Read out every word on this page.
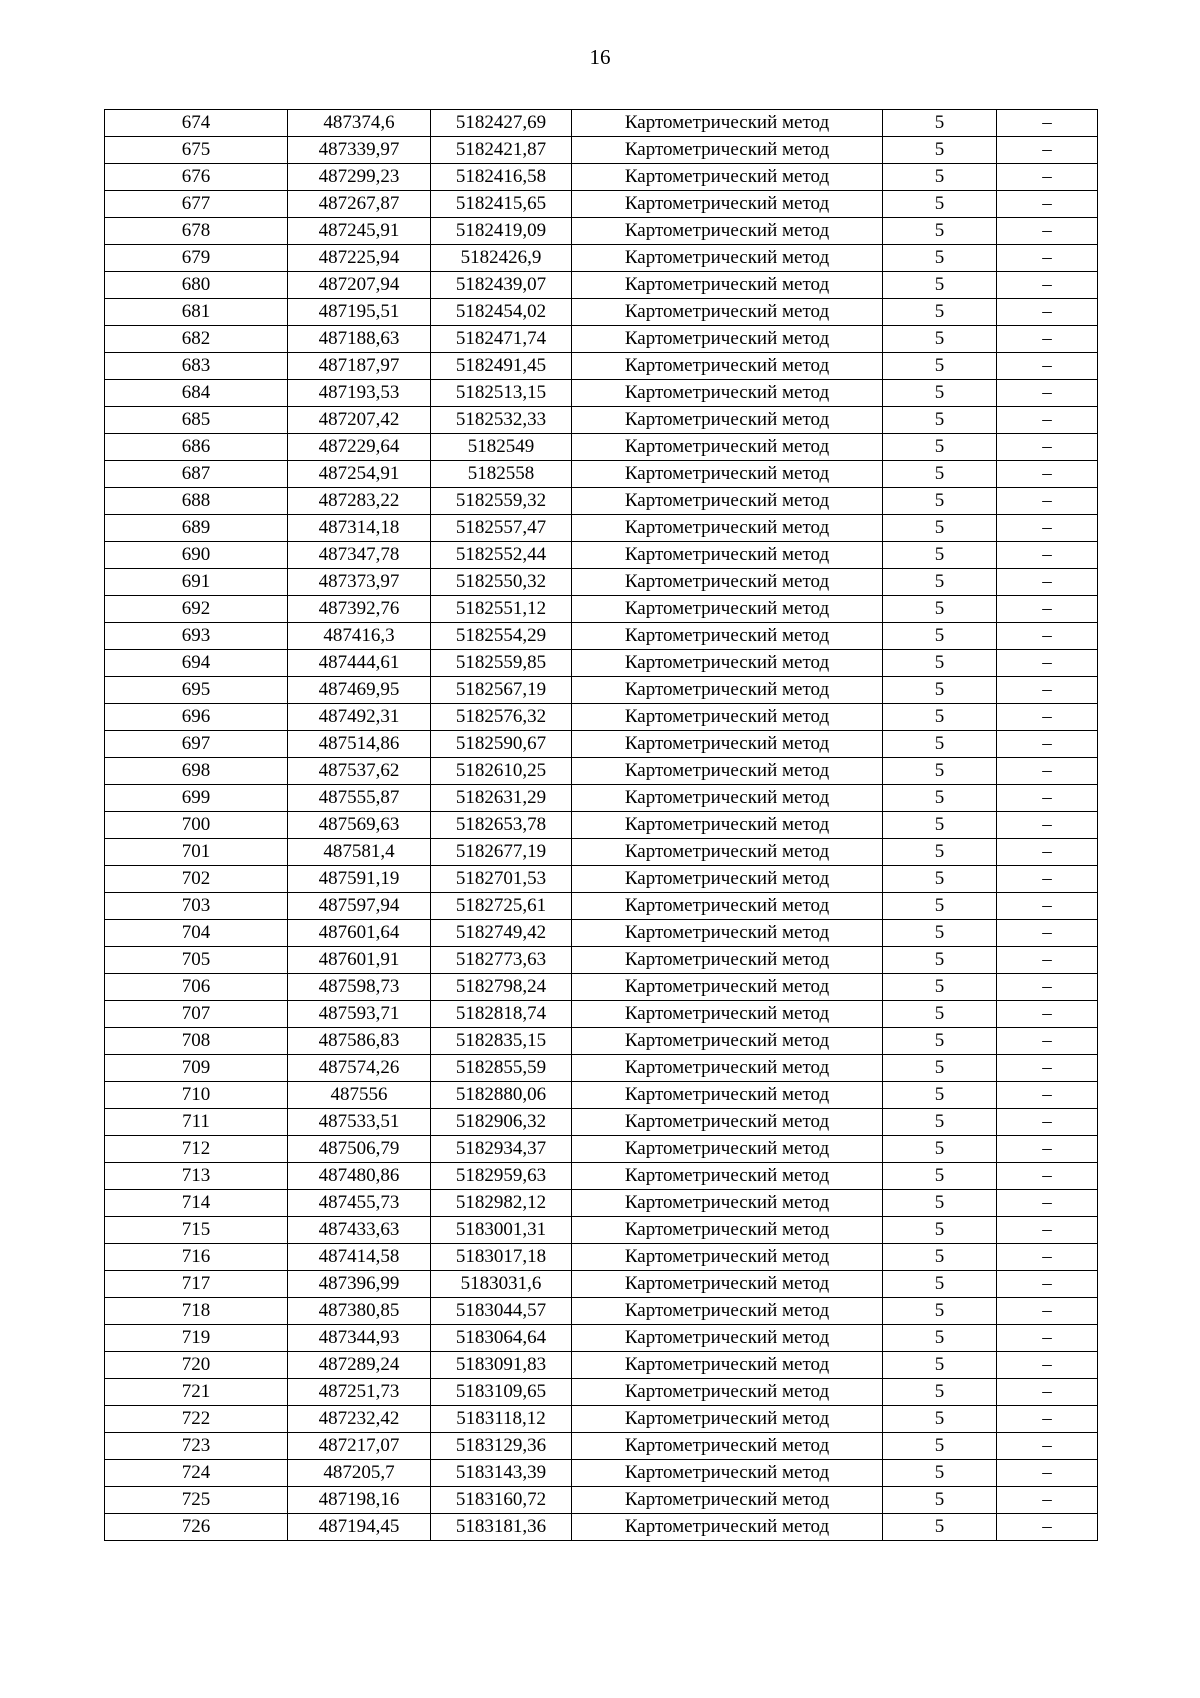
16
674	487374,6	5182427,69	Картометрический метод	5	–
675	487339,97	5182421,87	Картометрический метод	5	–
676	487299,23	5182416,58	Картометрический метод	5	–
677	487267,87	5182415,65	Картометрический метод	5	–
678	487245,91	5182419,09	Картометрический метод	5	–
679	487225,94	5182426,9	Картометрический метод	5	–
680	487207,94	5182439,07	Картометрический метод	5	–
681	487195,51	5182454,02	Картометрический метод	5	–
682	487188,63	5182471,74	Картометрический метод	5	–
683	487187,97	5182491,45	Картометрический метод	5	–
684	487193,53	5182513,15	Картометрический метод	5	–
685	487207,42	5182532,33	Картометрический метод	5	–
686	487229,64	5182549	Картометрический метод	5	–
687	487254,91	5182558	Картометрический метод	5	–
688	487283,22	5182559,32	Картометрический метод	5	–
689	487314,18	5182557,47	Картометрический метод	5	–
690	487347,78	5182552,44	Картометрический метод	5	–
691	487373,97	5182550,32	Картометрический метод	5	–
692	487392,76	5182551,12	Картометрический метод	5	–
693	487416,3	5182554,29	Картометрический метод	5	–
694	487444,61	5182559,85	Картометрический метод	5	–
695	487469,95	5182567,19	Картометрический метод	5	–
696	487492,31	5182576,32	Картометрический метод	5	–
697	487514,86	5182590,67	Картометрический метод	5	–
698	487537,62	5182610,25	Картометрический метод	5	–
699	487555,87	5182631,29	Картометрический метод	5	–
700	487569,63	5182653,78	Картометрический метод	5	–
701	487581,4	5182677,19	Картометрический метод	5	–
702	487591,19	5182701,53	Картометрический метод	5	–
703	487597,94	5182725,61	Картометрический метод	5	–
704	487601,64	5182749,42	Картометрический метод	5	–
705	487601,91	5182773,63	Картометрический метод	5	–
706	487598,73	5182798,24	Картометрический метод	5	–
707	487593,71	5182818,74	Картометрический метод	5	–
708	487586,83	5182835,15	Картометрический метод	5	–
709	487574,26	5182855,59	Картометрический метод	5	–
710	487556	5182880,06	Картометрический метод	5	–
711	487533,51	5182906,32	Картометрический метод	5	–
712	487506,79	5182934,37	Картометрический метод	5	–
713	487480,86	5182959,63	Картометрический метод	5	–
714	487455,73	5182982,12	Картометрический метод	5	–
715	487433,63	5183001,31	Картометрический метод	5	–
716	487414,58	5183017,18	Картометрический метод	5	–
717	487396,99	5183031,6	Картометрический метод	5	–
718	487380,85	5183044,57	Картометрический метод	5	–
719	487344,93	5183064,64	Картометрический метод	5	–
720	487289,24	5183091,83	Картометрический метод	5	–
721	487251,73	5183109,65	Картометрический метод	5	–
722	487232,42	5183118,12	Картометрический метод	5	–
723	487217,07	5183129,36	Картометрический метод	5	–
724	487205,7	5183143,39	Картометрический метод	5	–
725	487198,16	5183160,72	Картометрический метод	5	–
726	487194,45	5183181,36	Картометрический метод	5	–
